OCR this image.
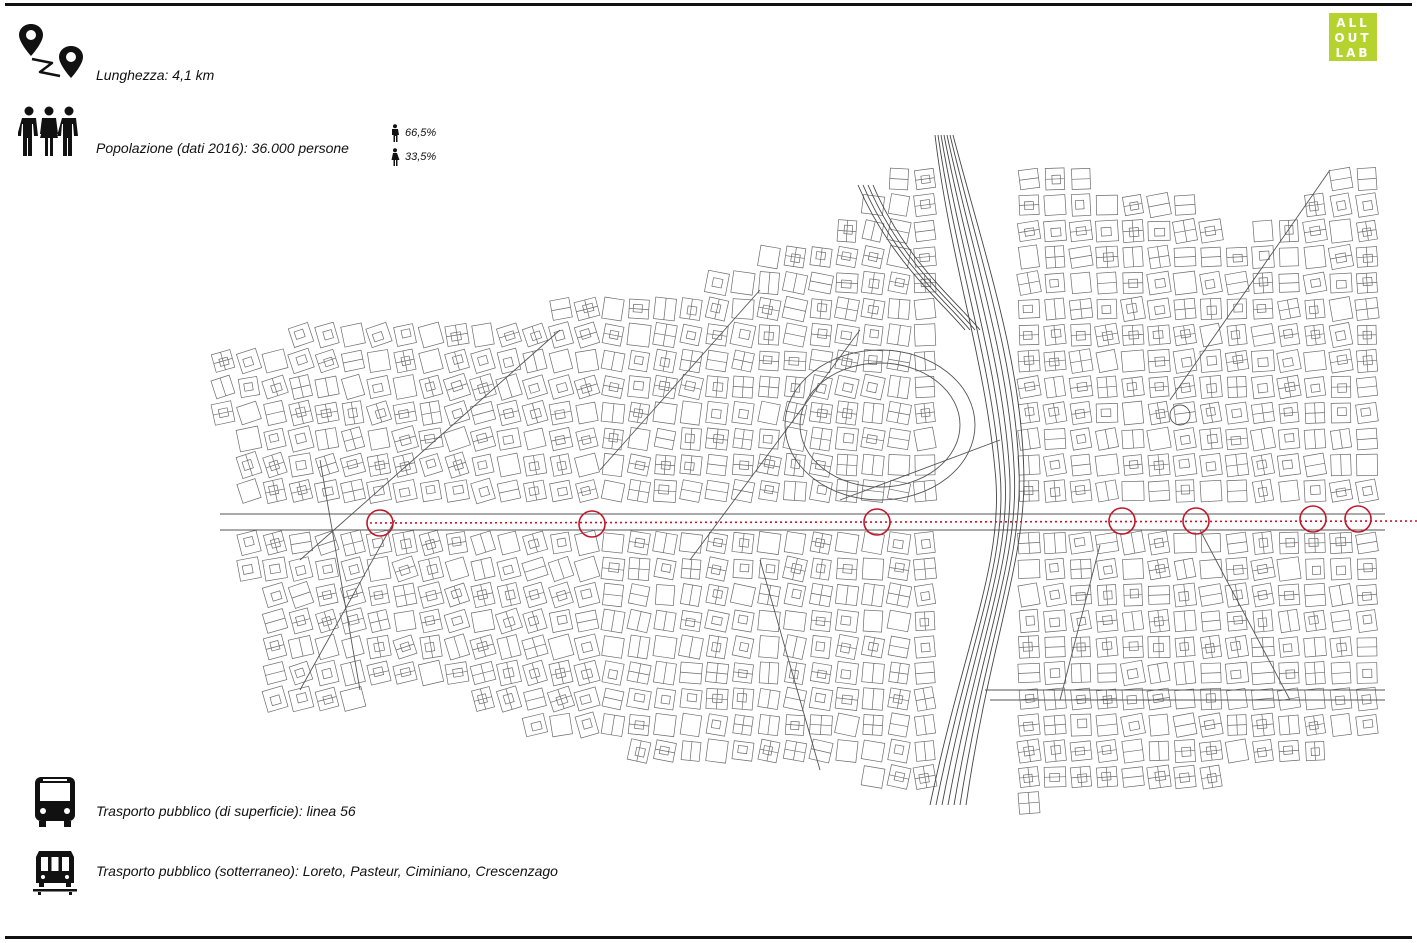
ALL
OUT
LAB
Lunghezza: 4,1 km
Popolazione (dati 2016): 36.000 persone
66,5%
33,5%
Trasporto pubblico (di superficie): linea 56
Trasporto pubblico (sotterraneo): Loreto, Pasteur, Ciminiano, Crescenzago
